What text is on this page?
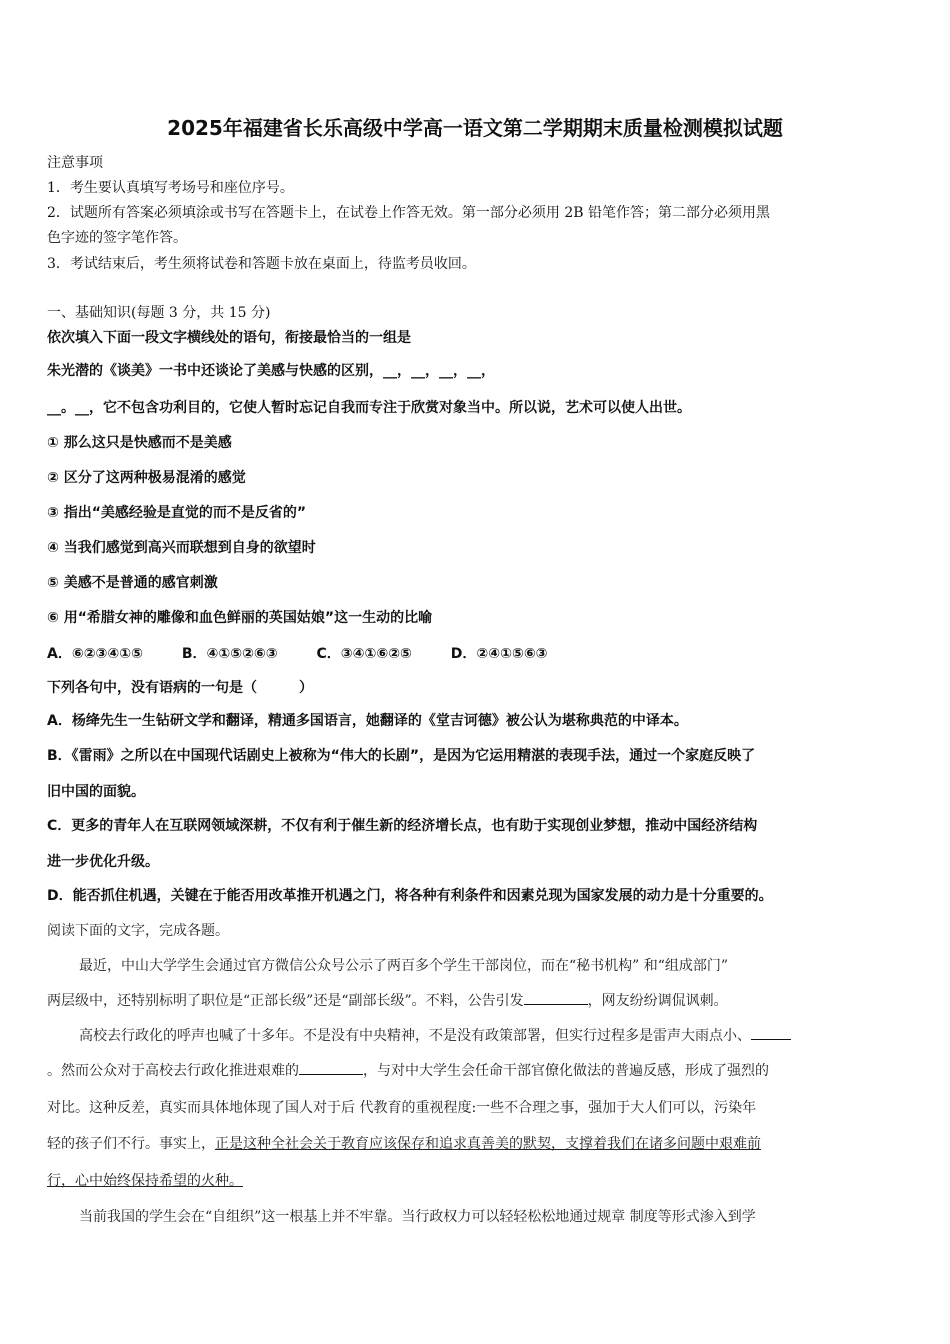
2025年福建省长乐高级中学高一语文第二学期期末质量检测模拟试题
注意事项
1．考生要认真填写考场号和座位序号。
2．试题所有答案必须填涂或书写在答题卡上，在试卷上作答无效。第一部分必须用 2B 铅笔作答；第二部分必须用黑
色字迹的签字笔作答。
3．考试结束后，考生须将试卷和答题卡放在桌面上，待监考员收回。
一、基础知识(每题 3 分，共 15 分)
依次填入下面一段文字横线处的语句，衔接最恰当的一组是
朱光潜的《谈美》一书中还谈论了美感与快感的区别，__，__，__，__，
__。__，它不包含功利目的，它使人暂时忘记自我而专注于欣赏对象当中。所以说，艺术可以使人出世。
① 那么这只是快感而不是美感
② 区分了这两种极易混淆的感觉
③ 指出“美感经验是直觉的而不是反省的”
④ 当我们感觉到高兴而联想到自身的欲望时
⑤ 美感不是普通的感官刺激
⑥ 用“希腊女神的雕像和血色鲜丽的英国姑娘”这一生动的比喻
A．⑥②③④①⑤	B．④①⑤②⑥③	C．③④①⑥②⑤	D．②④①⑤⑥③
下列各句中，没有语病的一句是（　　　）
A．杨绛先生一生钻研文学和翻译，精通多国语言，她翻译的《堂吉诃德》被公认为堪称典范的中译本。
B．《雷雨》之所以在中国现代话剧史上被称为“伟大的长剧”，是因为它运用精湛的表现手法，通过一个家庭反映了
旧中国的面貌。
C．更多的青年人在互联网领域深耕，不仅有利于催生新的经济增长点，也有助于实现创业梦想，推动中国经济结构
进一步优化升级。
D．能否抓住机遇，关键在于能否用改革推开机遇之门，将各种有利条件和因素兑现为国家发展的动力是十分重要的。
阅读下面的文字，完成各题。
最近，中山大学学生会通过官方微信公众号公示了两百多个学生干部岗位，而在“秘书机构” 和“组成部门”
两层级中，还特别标明了职位是“正部长级”还是“副部长级”。不料，公告引发	，网友纷纷调侃讽刺。
高校去行政化的呼声也喊了十多年。不是没有中央精神，不是没有政策部署，但实行过程多是雷声大雨点小、
。然而公众对于高校去行政化推进艰难的	，与对中大学生会任命干部官僚化做法的普遍反感，形成了强烈的
对比。这种反差，真实而具体地体现了国人对于后 代教育的重视程度:一些不合理之事，强加于大人们可以，污染年
轻的孩子们不行。事实上，正是这种全社会关于教育应该保存和追求真善美的默契，支撑着我们在诸多问题中艰难前
行，心中始终保持希望的火种。
当前我国的学生会在“自组织”这一根基上并不牢靠。当行政权力可以轻轻松松地通过规章 制度等形式渗入到学
